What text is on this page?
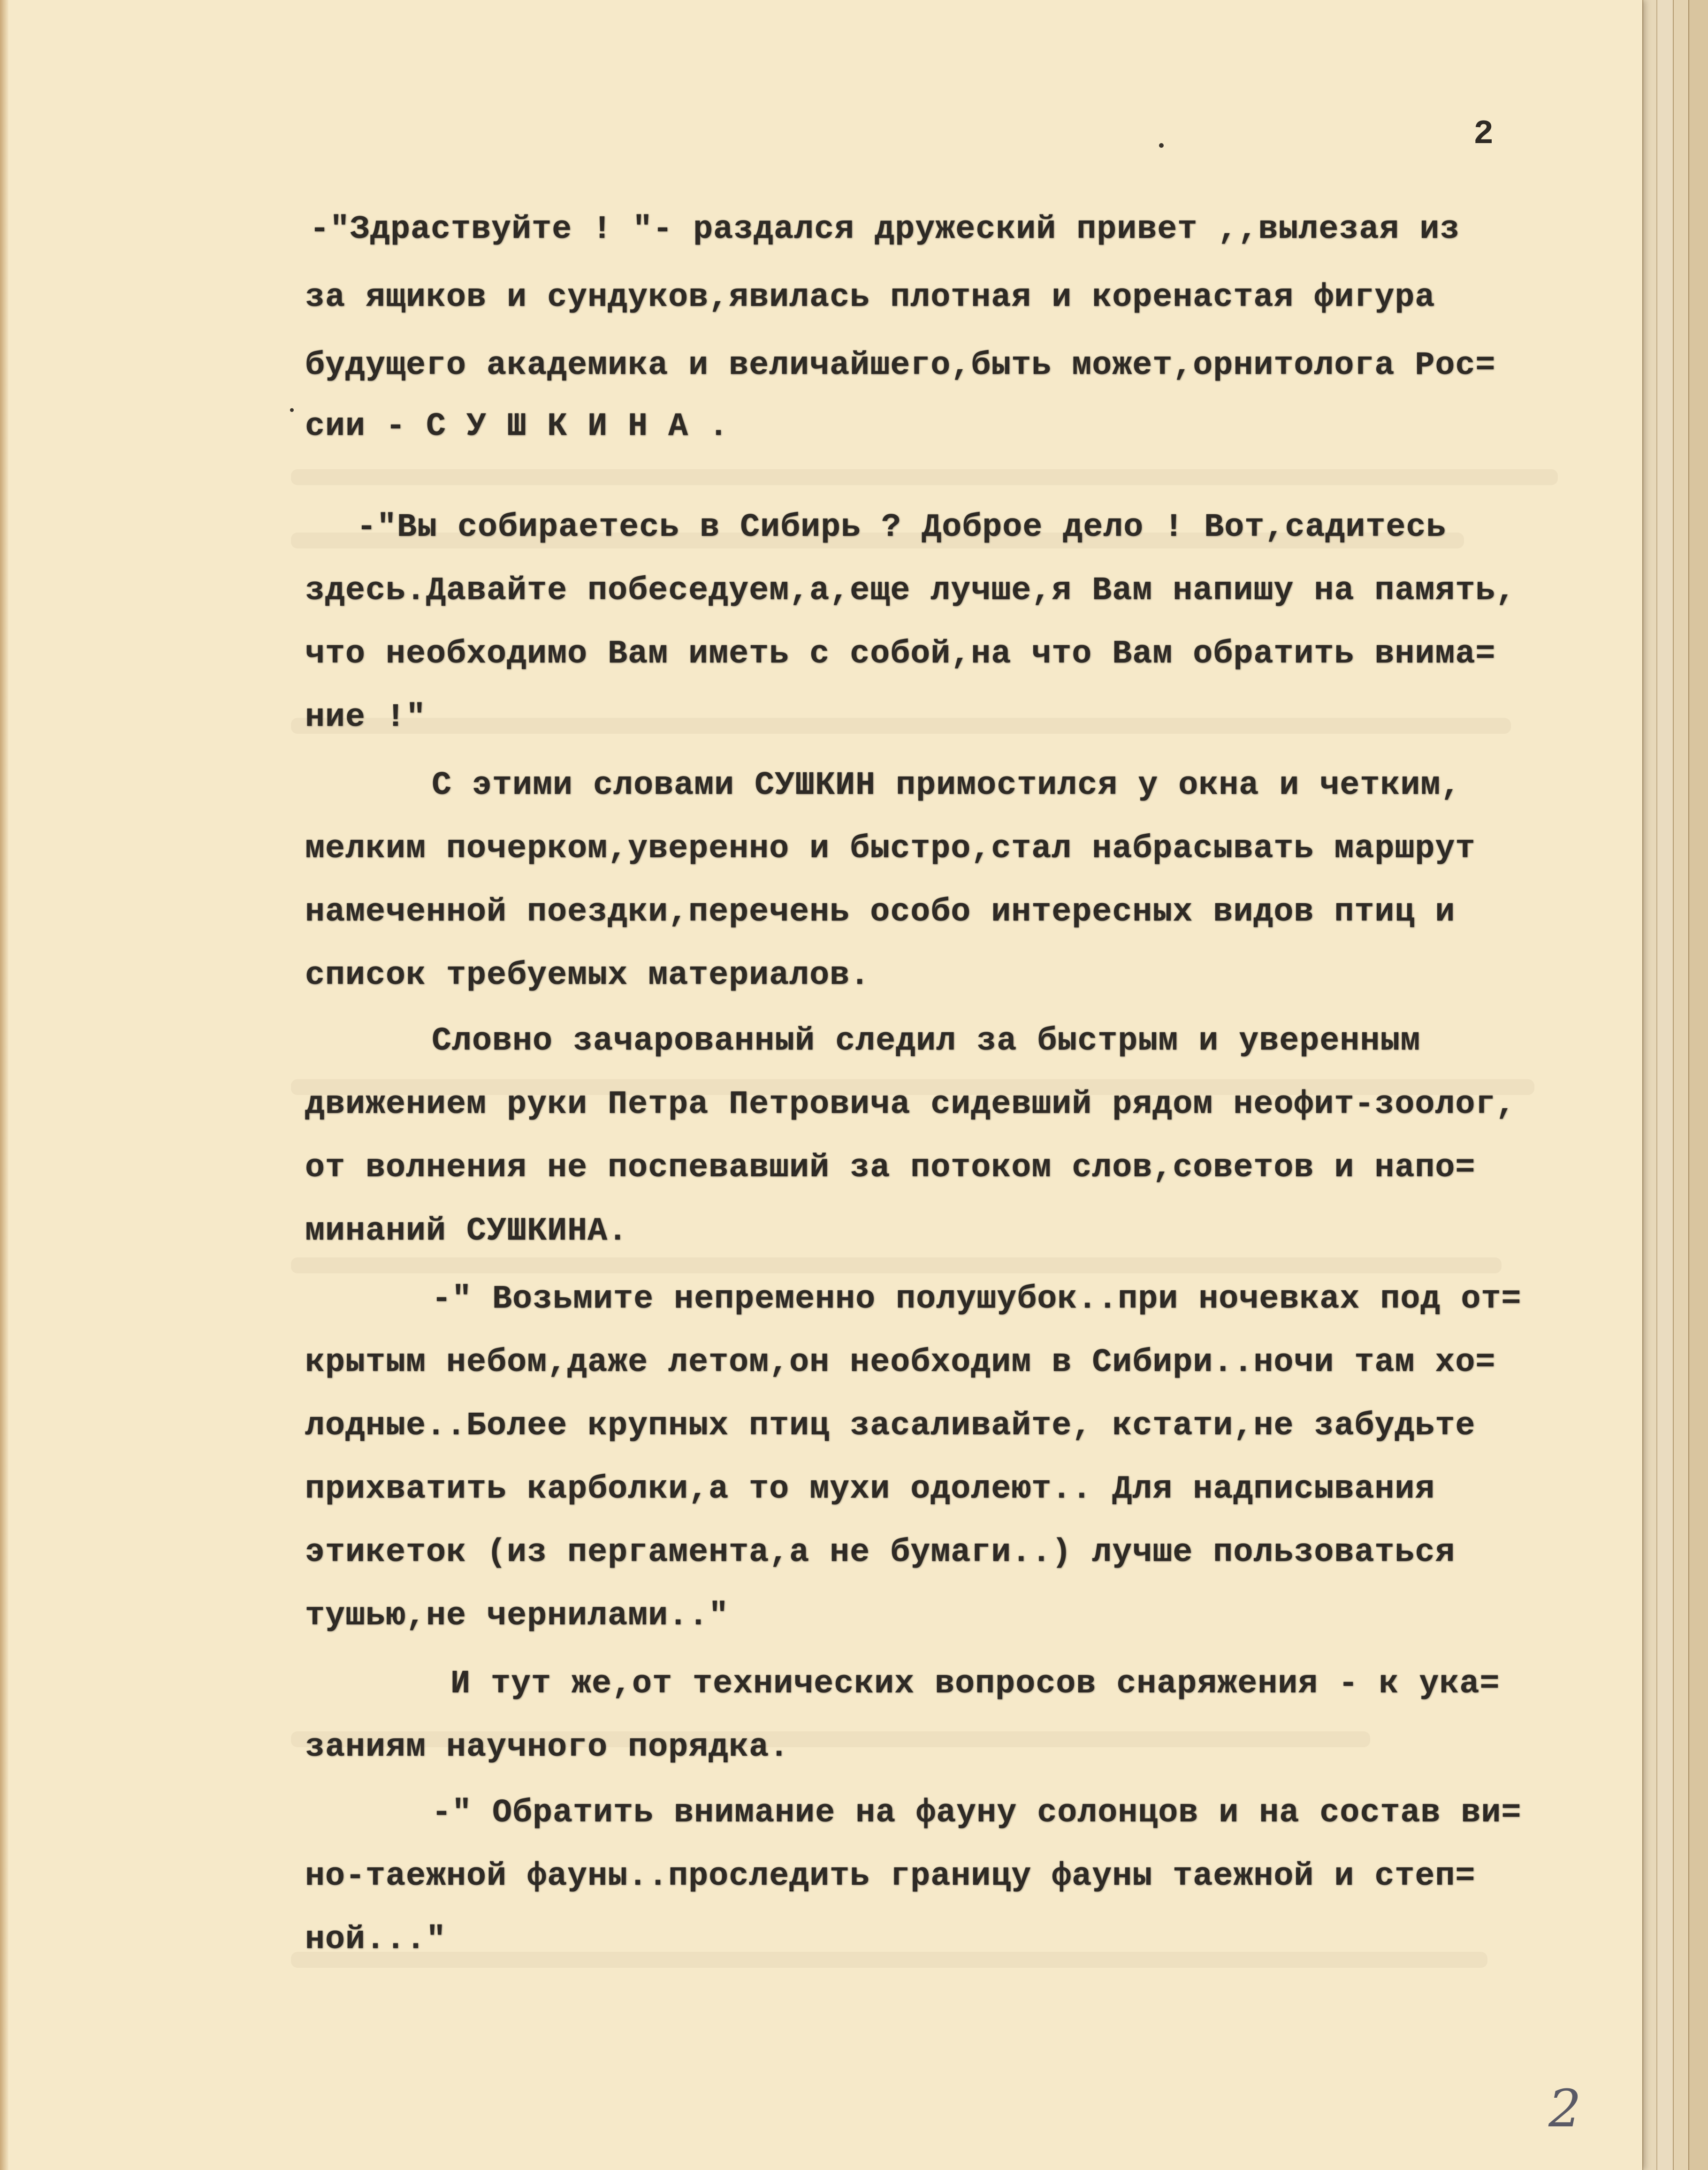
2

-"Здраствуйте ! "- раздался дружеский привет ,,вылезая из

за ящиков и сундуков,явилась плотная и коренастая фигура

будущего академика и величайшего,быть может,орнитолога Рос=

сии - С У Ш К И Н А .

-"Вы собираетесь в Сибирь ? Доброе дело ! Вот,садитесь

здесь.Давайте побеседуем,а,еще лучше,я Вам напишу на память,

что необходимо Вам иметь с собой,на что Вам обратить внима=

ние !"

С этими словами СУШКИН примостился у окна и четким,

мелким почерком,уверенно и быстро,стал набрасывать маршрут

намеченной поездки,перечень особо интересных видов птиц и

список требуемых материалов.

Словно зачарованный следил за быстрым и уверенным

движением руки Петра Петровича сидевший рядом неофит-зоолог,

от волнения не поспевавший за потоком слов,советов и напо=

минаний СУШКИНА.

-" Возьмите непременно полушубок..при ночевках под от=

крытым небом,даже летом,он необходим в Сибири..ночи там хо=

лодные..Более крупных птиц засаливайте, кстати,не забудьте

прихватить карболки,а то мухи одолеют.. Для надписывания

этикеток (из пергамента,а не бумаги..) лучше пользоваться

тушью,не чернилами.."

И тут же,от технических вопросов снаряжения - к ука=

заниям научного порядка.

-" Обратить внимание на фауну солонцов и на состав ви=

но-таежной фауны..проследить границу фауны таежной и степ=

ной..."

2
